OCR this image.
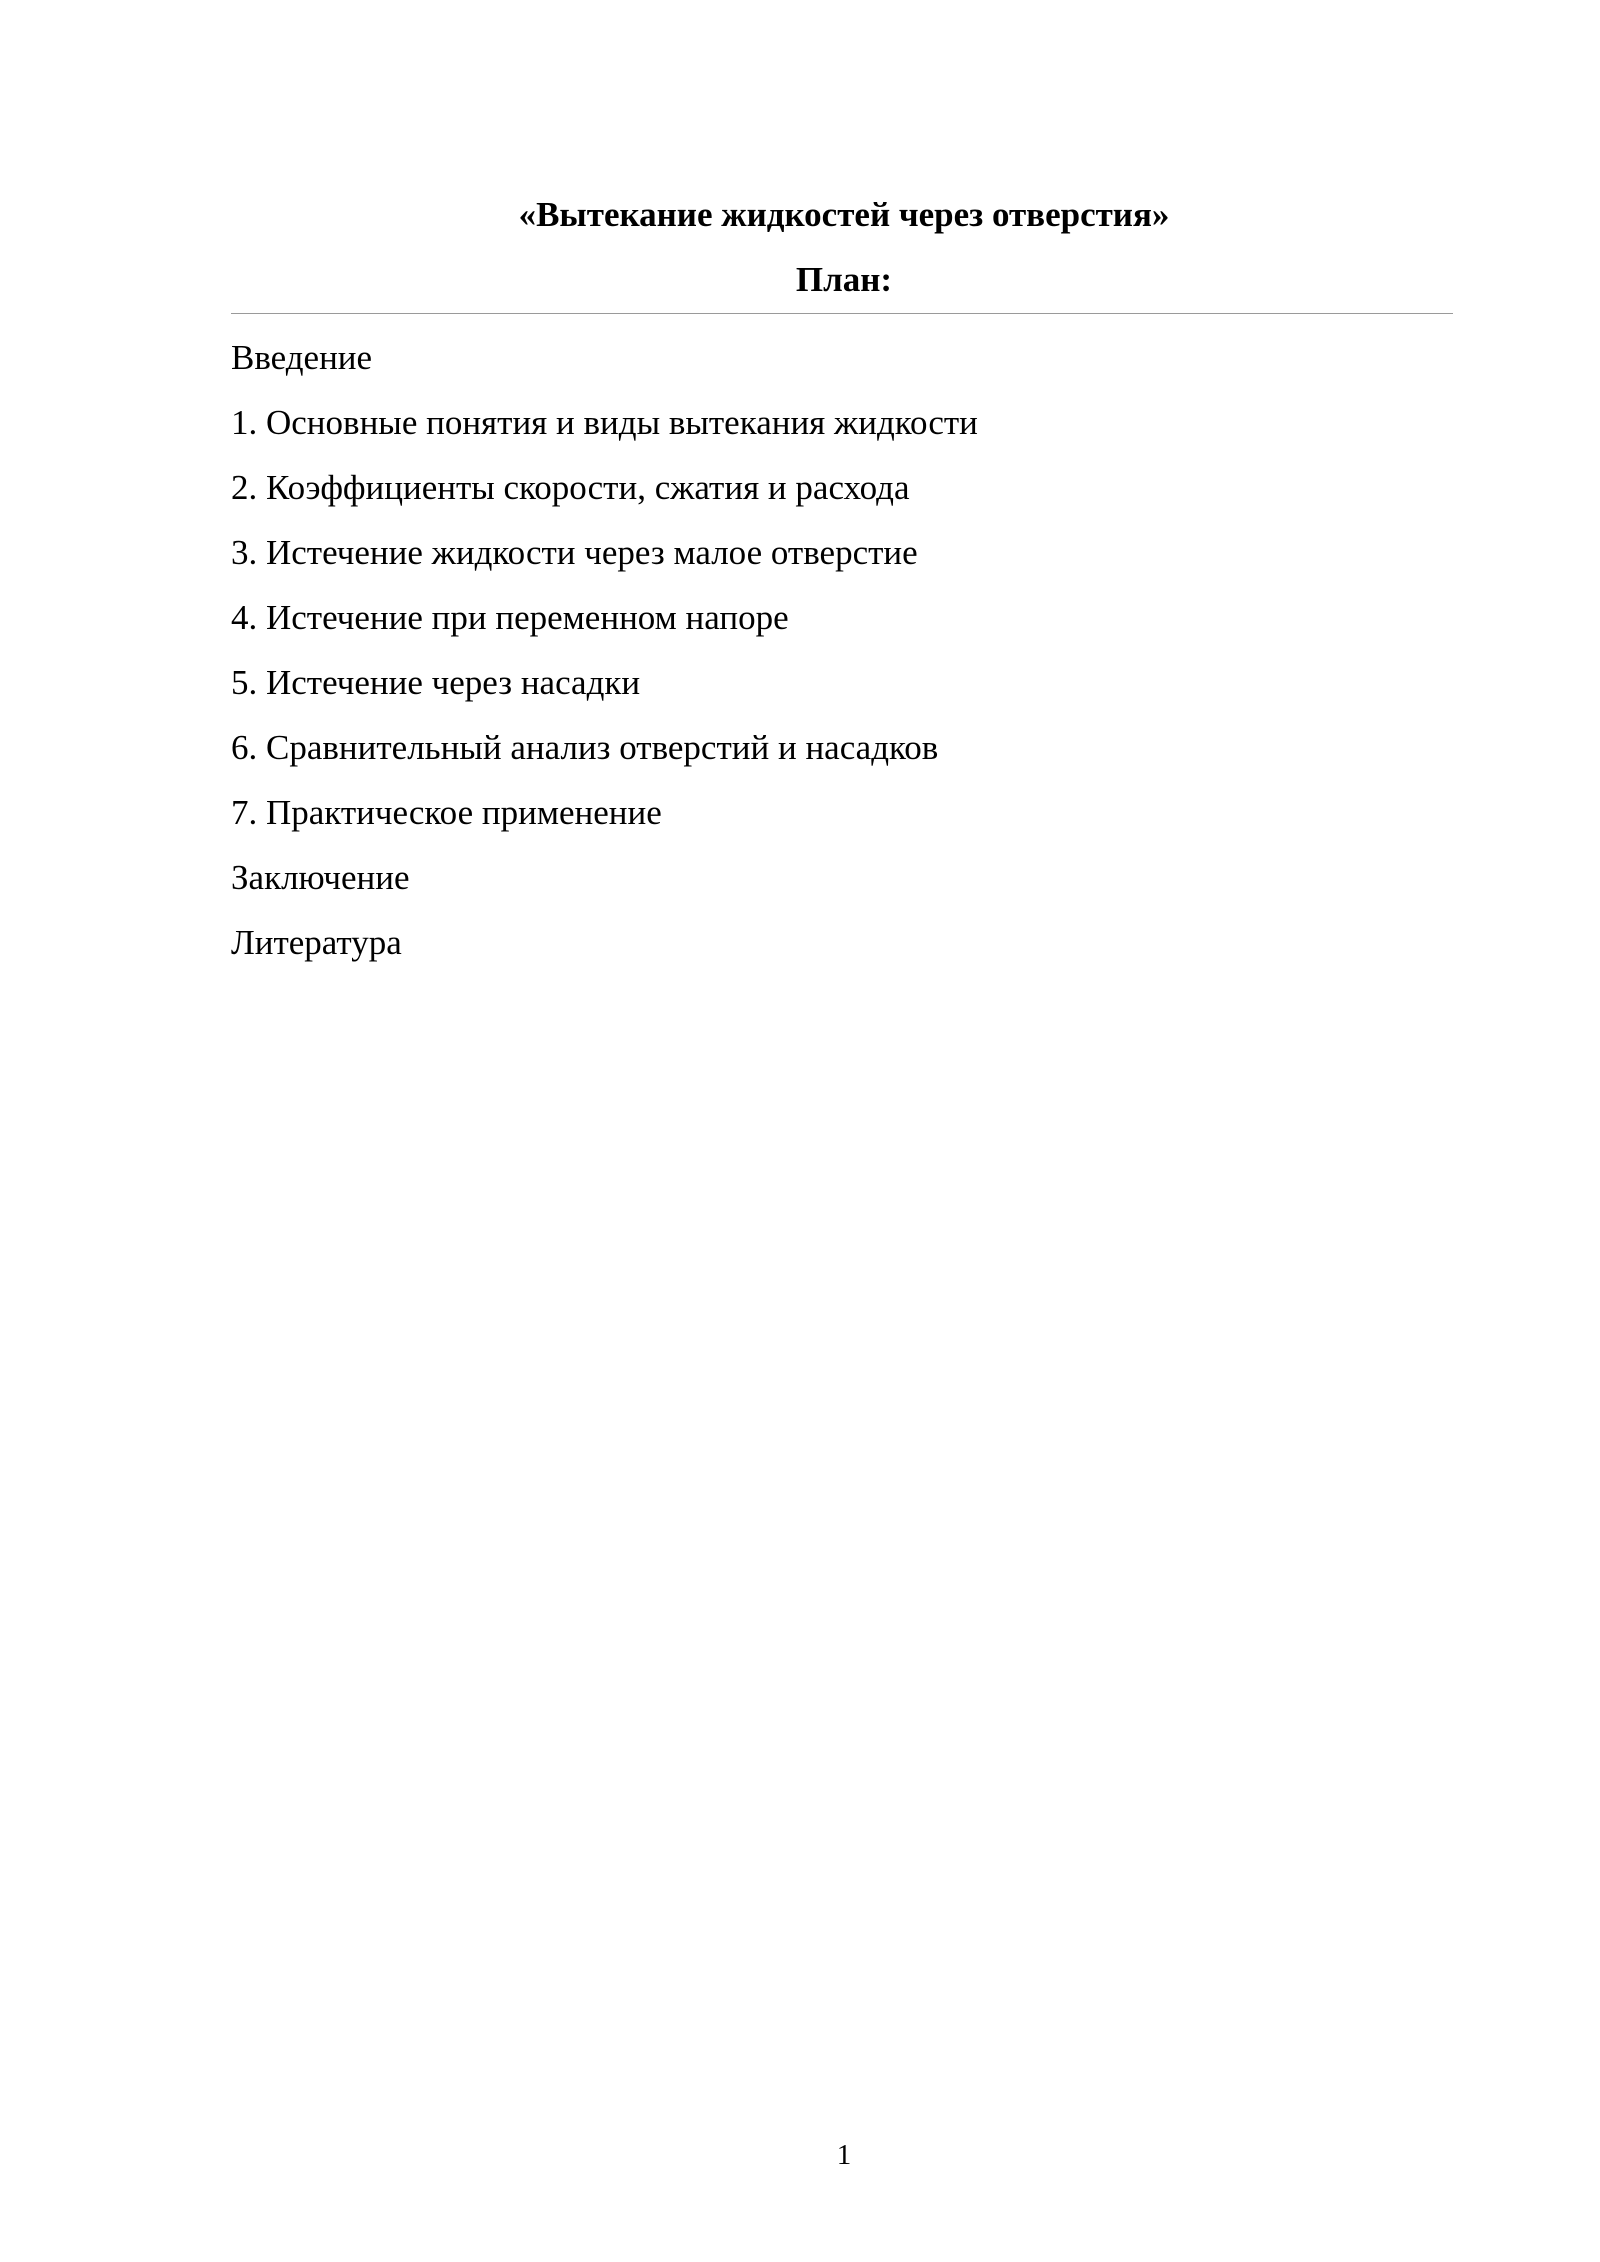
«Вытекание жидкостей через отверстия»
План:
Введение
1. Основные понятия и виды вытекания жидкости
2. Коэффициенты скорости, сжатия и расхода
3. Истечение жидкости через малое отверстие
4. Истечение при переменном напоре
5. Истечение через насадки
6. Сравнительный анализ отверстий и насадков
7. Практическое применение
Заключение
Литература
1
